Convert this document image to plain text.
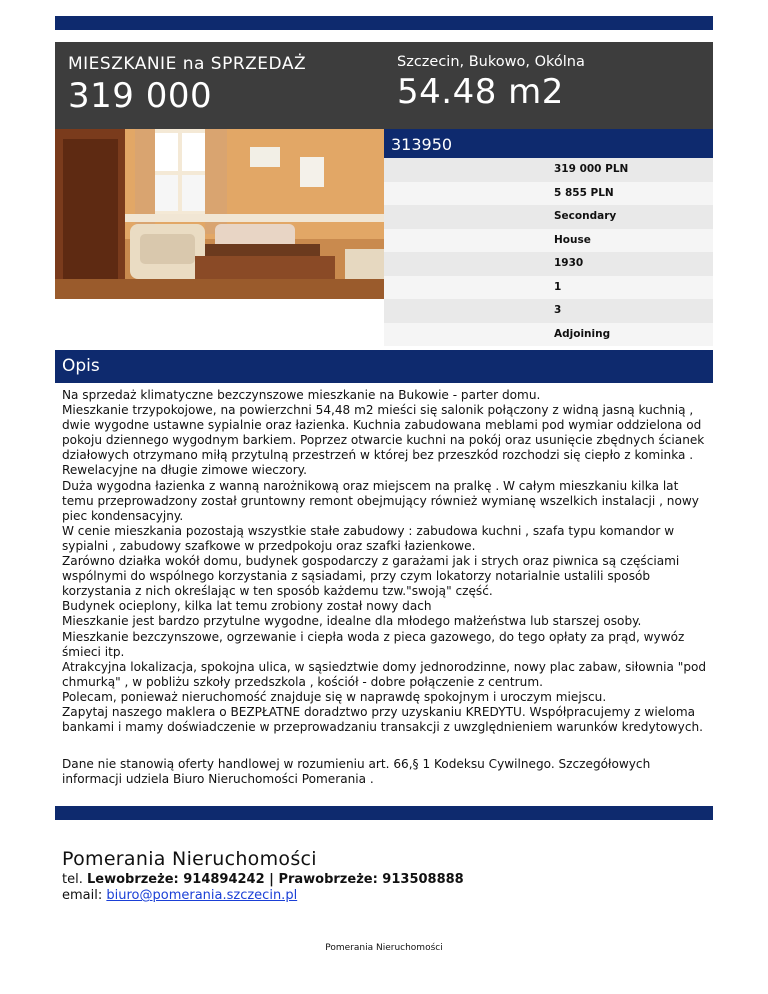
MIESZKANIE na SPRZEDAŻ
319 000
Szczecin, Bukowo, Okólna
54.48 m2
313950
319 000 PLN
5 855 PLN
Secondary
House
1930
1
3
Adjoining
Opis

Na sprzedaż klimatyczne bezczynszowe mieszkanie na Bukowie - parter domu.

Mieszkanie trzypokojowe, na powierzchni 54,48 m2 mieści się salonik połączony z widną jasną kuchnią , dwie wygodne ustawne sypialnie oraz łazienka. Kuchnia zabudowana meblami pod wymiar oddzielona od pokoju dziennego wygodnym barkiem. Poprzez otwarcie kuchni na pokój oraz usunięcie zbędnych ścianek działowych otrzymano miłą przytulną przestrzeń w której bez przeszkód rozchodzi się ciepło z kominka . Rewelacyjne na długie zimowe wieczory.

Duża wygodna łazienka z wanną narożnikową oraz miejscem na pralkę . W całym mieszkaniu kilka lat temu przeprowadzony został gruntowny remont obejmujący również wymianę wszelkich instalacji , nowy piec kondensacyjny.

W cenie mieszkania pozostają wszystkie stałe zabudowy : zabudowa kuchni , szafa typu komandor w sypialni , zabudowy szafkowe w przedpokoju oraz szafki łazienkowe.

Zarówno działka wokół domu, budynek gospodarczy z garażami jak i strych oraz piwnica są częściami wspólnymi do wspólnego korzystania z sąsiadami, przy czym lokatorzy notarialnie ustalili sposób korzystania z nich określając w ten sposób każdemu tzw."swoją" część.

Budynek ocieplony, kilka lat temu zrobiony został nowy dach

Mieszkanie jest bardzo przytulne wygodne, idealne dla młodego małżeństwa lub starszej osoby.

Mieszkanie bezczynszowe, ogrzewanie i ciepła woda z pieca gazowego, do tego opłaty za prąd, wywóz śmieci itp.

Atrakcyjna lokalizacja, spokojna ulica, w sąsiedztwie domy jednorodzinne, nowy plac zabaw, siłownia "pod chmurką" , w pobliżu szkoły przedszkola , kościół - dobre połączenie z centrum.

Polecam, ponieważ nieruchomość znajduje się w naprawdę spokojnym i uroczym miejscu.

Zapytaj naszego maklera o BEZPŁATNE doradztwo przy uzyskaniu KREDYTU. Współpracujemy z wieloma bankami i mamy doświadczenie w przeprowadzaniu transakcji z uwzględnieniem warunków kredytowych.

Dane nie stanowią oferty handlowej w rozumieniu art. 66,§ 1 Kodeksu Cywilnego. Szczegółowych informacji udziela Biuro Nieruchomości Pomerania .
Pomerania Nieruchomości
tel. Lewobrzeże: 914894242 | Prawobrzeże: 913508888
email: biuro@pomerania.szczecin.pl
Pomerania Nieruchomości
